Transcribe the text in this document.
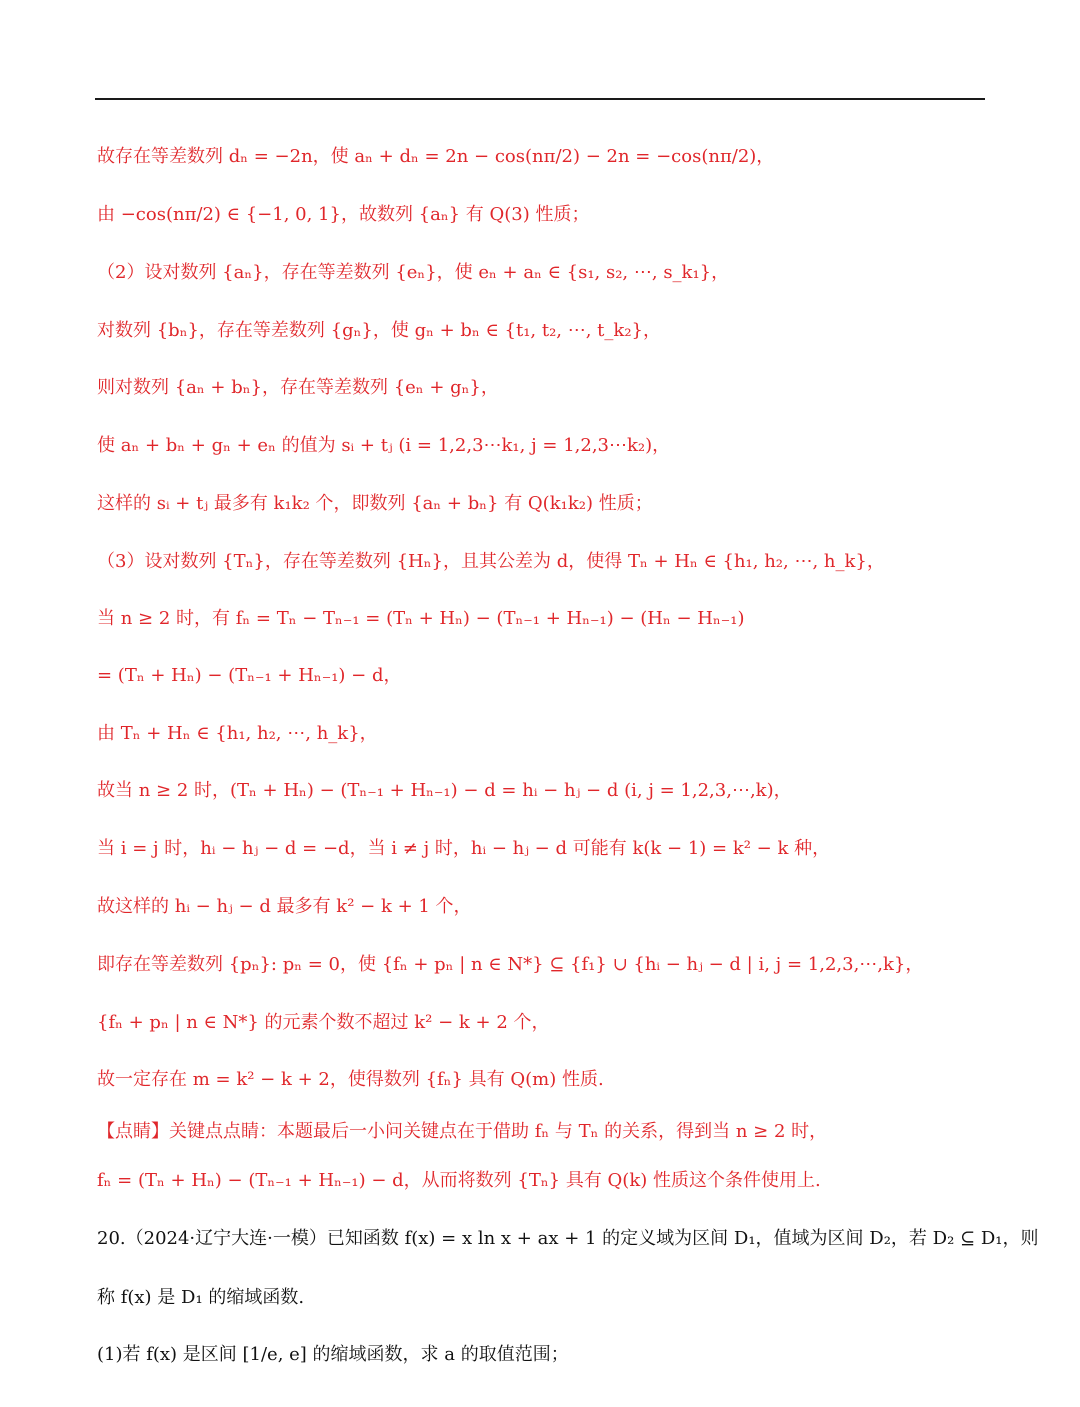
故存在等差数列 dₙ = −2n，使 aₙ + dₙ = 2n − cos(nπ/2) − 2n = −cos(nπ/2)，
由 −cos(nπ/2) ∈ {−1, 0, 1}，故数列 {aₙ} 有 Q(3) 性质；
（2）设对数列 {aₙ}，存在等差数列 {eₙ}，使 eₙ + aₙ ∈ {s₁, s₂, ⋯, s_k₁}，
对数列 {bₙ}，存在等差数列 {gₙ}，使 gₙ + bₙ ∈ {t₁, t₂, ⋯, t_k₂}，
则对数列 {aₙ + bₙ}，存在等差数列 {eₙ + gₙ}，
使 aₙ + bₙ + gₙ + eₙ 的值为 sᵢ + tⱼ (i = 1,2,3⋯k₁, j = 1,2,3⋯k₂)，
这样的 sᵢ + tⱼ 最多有 k₁k₂ 个，即数列 {aₙ + bₙ} 有 Q(k₁k₂) 性质；
（3）设对数列 {Tₙ}，存在等差数列 {Hₙ}，且其公差为 d，使得 Tₙ + Hₙ ∈ {h₁, h₂, ⋯, h_k}，
当 n ≥ 2 时，有 fₙ = Tₙ − Tₙ₋₁ = (Tₙ + Hₙ) − (Tₙ₋₁ + Hₙ₋₁) − (Hₙ − Hₙ₋₁)
= (Tₙ + Hₙ) − (Tₙ₋₁ + Hₙ₋₁) − d，
由 Tₙ + Hₙ ∈ {h₁, h₂, ⋯, h_k}，
故当 n ≥ 2 时，(Tₙ + Hₙ) − (Tₙ₋₁ + Hₙ₋₁) − d = hᵢ − hⱼ − d (i, j = 1,2,3,⋯,k)，
当 i = j 时，hᵢ − hⱼ − d = −d，当 i ≠ j 时，hᵢ − hⱼ − d 可能有 k(k − 1) = k² − k 种，
故这样的 hᵢ − hⱼ − d 最多有 k² − k + 1 个，
即存在等差数列 {pₙ}: pₙ = 0，使 {fₙ + pₙ | n ∈ N*} ⊆ {f₁} ∪ {hᵢ − hⱼ − d | i, j = 1,2,3,⋯,k}，
{fₙ + pₙ | n ∈ N*} 的元素个数不超过 k² − k + 2 个，
故一定存在 m = k² − k + 2，使得数列 {fₙ} 具有 Q(m) 性质.
【点睛】关键点点睛：本题最后一小问关键点在于借助 fₙ 与 Tₙ 的关系，得到当 n ≥ 2 时，
fₙ = (Tₙ + Hₙ) − (Tₙ₋₁ + Hₙ₋₁) − d，从而将数列 {Tₙ} 具有 Q(k) 性质这个条件使用上.
20.（2024·辽宁大连·一模）已知函数 f(x) = x ln x + ax + 1 的定义域为区间 D₁，值域为区间 D₂，若 D₂ ⊆ D₁，则
称 f(x) 是 D₁ 的缩域函数.
(1)若 f(x) 是区间 [1/e, e] 的缩域函数，求 a 的取值范围；
